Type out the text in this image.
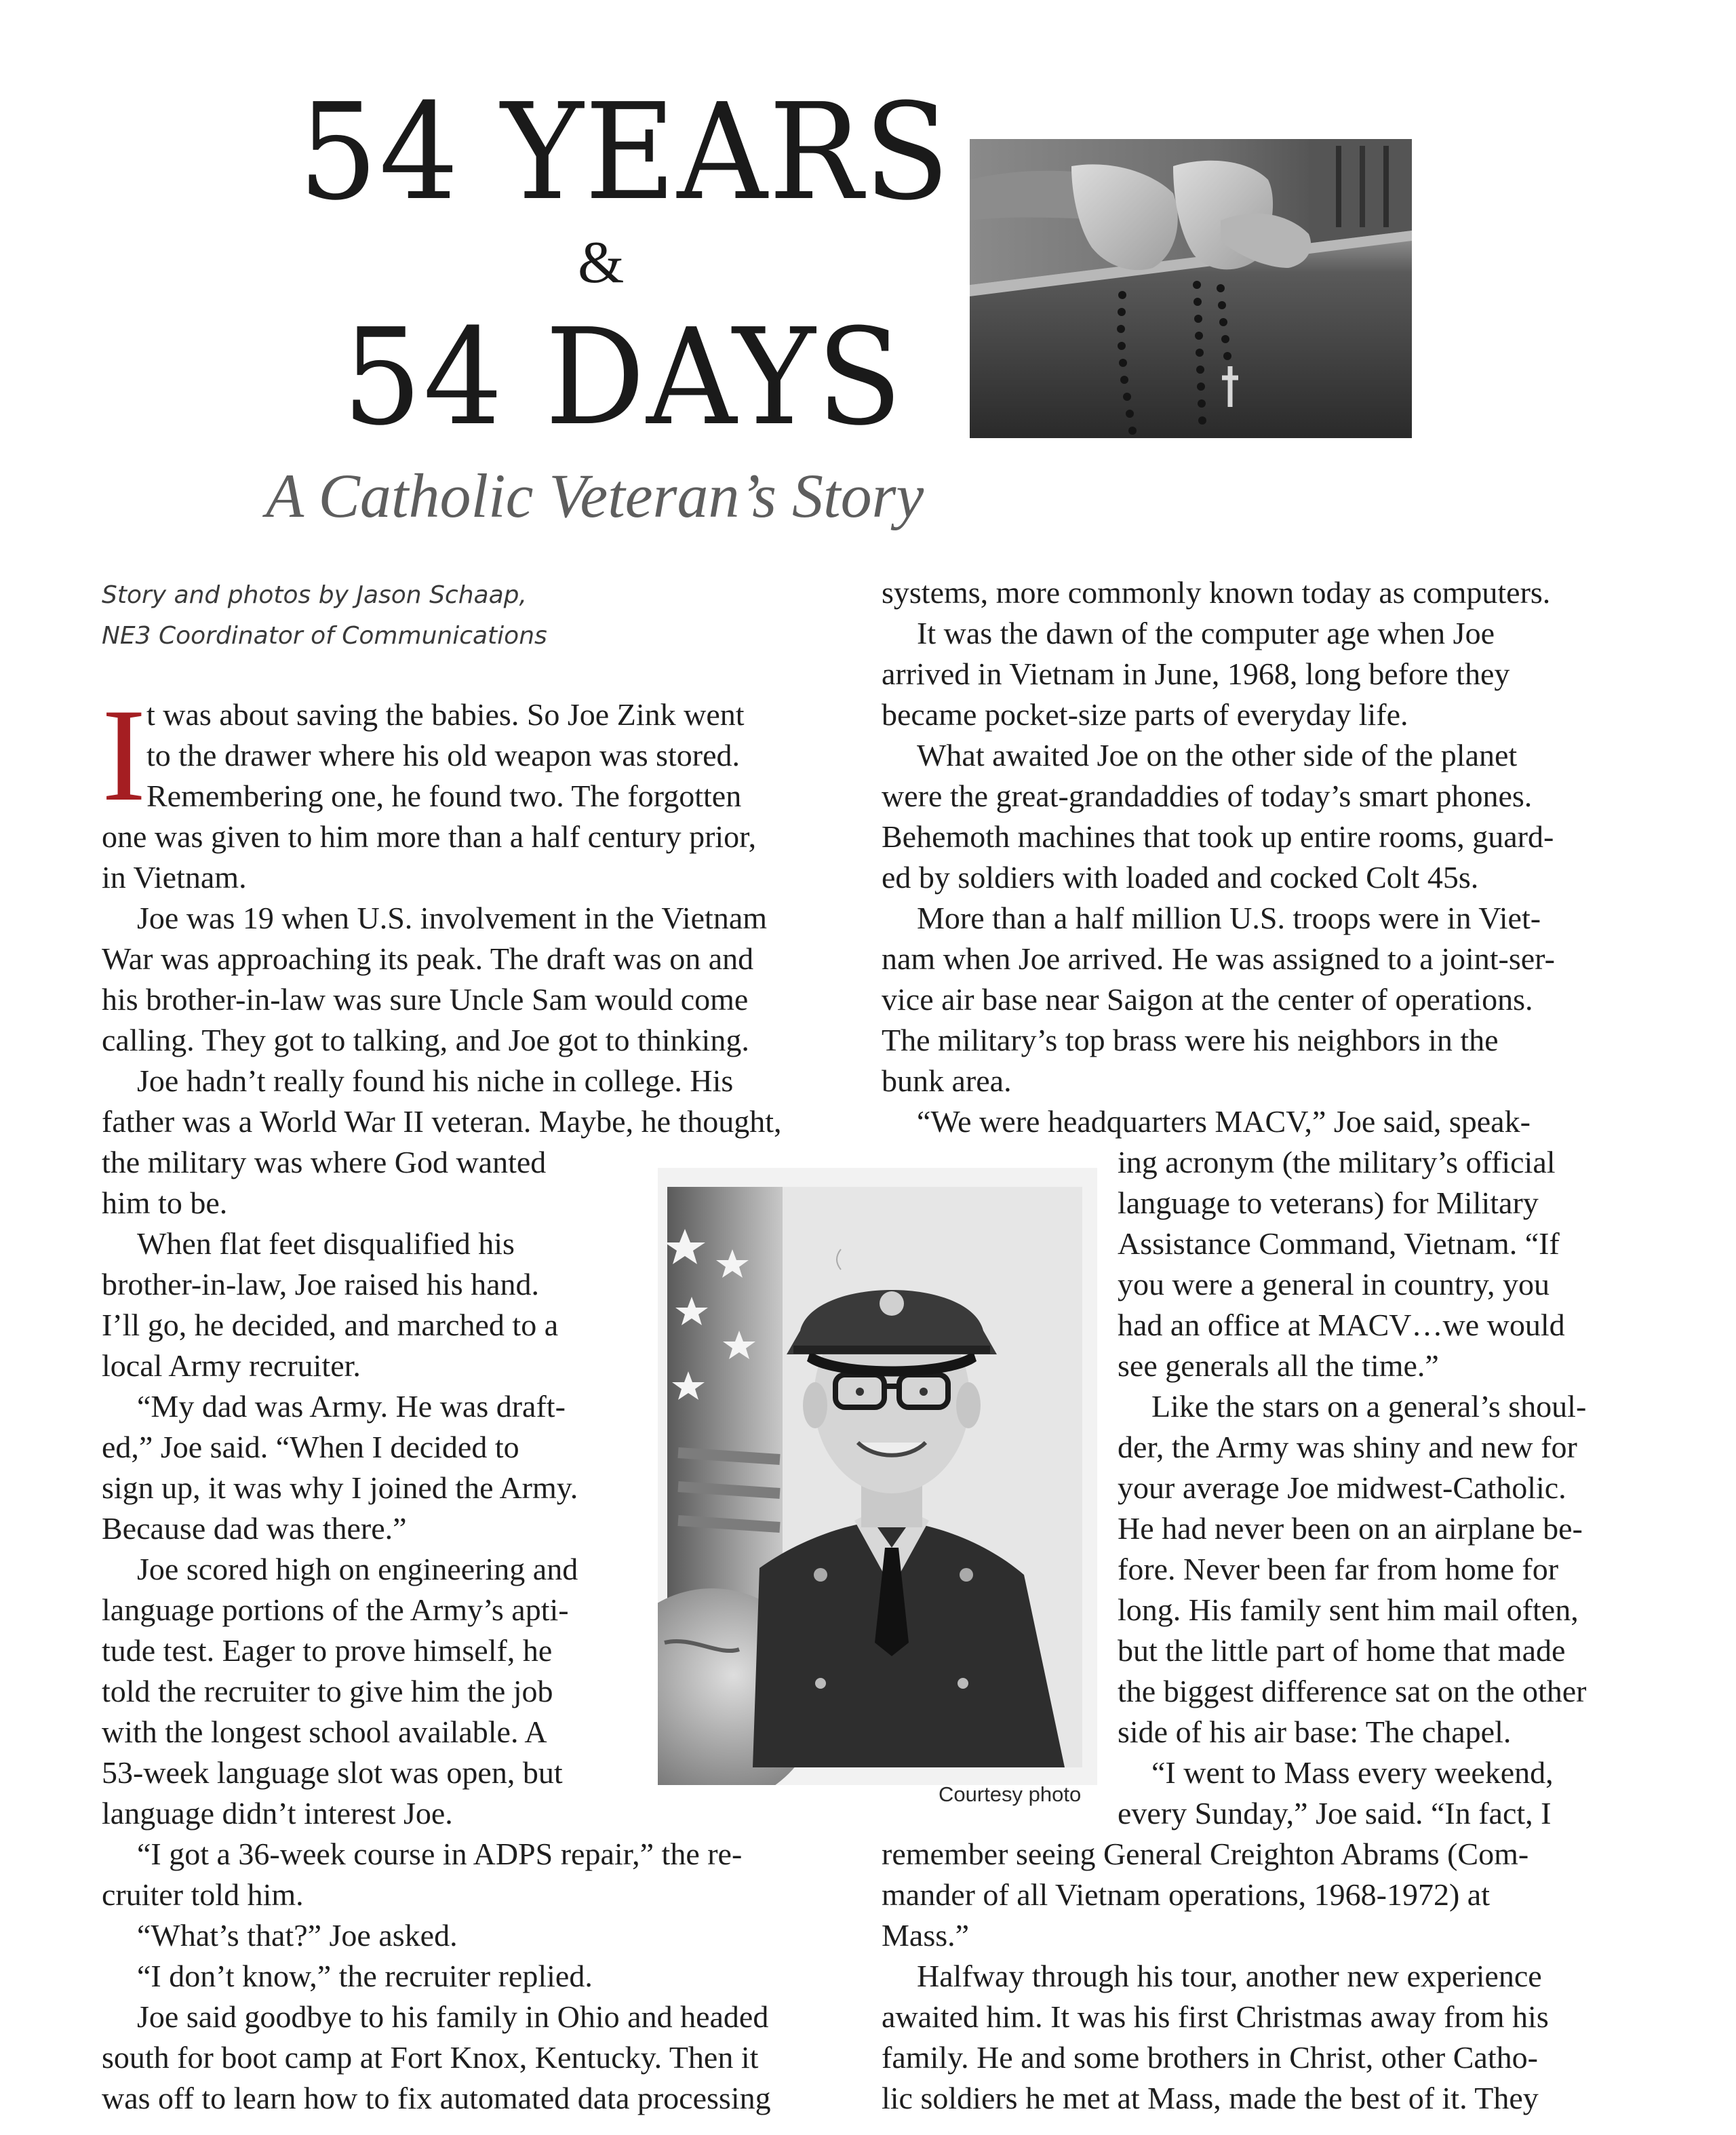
54 YEARS
&
54 DAYS
A Catholic Veteran’s Story
Story and photos by Jason Schaap,
NE3 Coordinator of Communications
I t was about saving the babies. So Joe Zink went
to the drawer where his old weapon was stored.
Remembering one, he found two. The forgotten
one was given to him more than a half century prior,
in Vietnam.
Joe was 19 when U.S. involvement in the Vietnam
War was approaching its peak. The draft was on and
his brother-in-law was sure Uncle Sam would come
calling. They got to talking, and Joe got to thinking.
Joe hadn’t really found his niche in college. His
father was a World War II veteran. Maybe, he thought,
the military was where God wanted
him to be.
When flat feet disqualified his
brother-in-law, Joe raised his hand.
I’ll go, he decided, and marched to a
local Army recruiter.
“My dad was Army. He was draft-
ed,” Joe said. “When I decided to
sign up, it was why I joined the Army.
Because dad was there.”
Joe scored high on engineering and
language portions of the Army’s apti-
tude test. Eager to prove himself, he
told the recruiter to give him the job
with the longest school available. A
53-week language slot was open, but
language didn’t interest Joe.
“I got a 36-week course in ADPS repair,” the re-
cruiter told him.
“What’s that?” Joe asked.
“I don’t know,” the recruiter replied.
Joe said goodbye to his family in Ohio and headed
south for boot camp at Fort Knox, Kentucky. Then it
was off to learn how to fix automated data processing
systems, more commonly known today as computers.
It was the dawn of the computer age when Joe
arrived in Vietnam in June, 1968, long before they
became pocket-size parts of everyday life.
What awaited Joe on the other side of the planet
were the great-grandaddies of today’s smart phones.
Behemoth machines that took up entire rooms, guard-
ed by soldiers with loaded and cocked Colt 45s.
More than a half million U.S. troops were in Viet-
nam when Joe arrived. He was assigned to a joint-ser-
vice air base near Saigon at the center of operations.
The military’s top brass were his neighbors in the
bunk area.
“We were headquarters MACV,” Joe said, speak-
ing acronym (the military’s official
language to veterans) for Military
Assistance Command, Vietnam. “If
you were a general in country, you
had an office at MACV…we would
see generals all the time.”
Like the stars on a general’s shoul-
der, the Army was shiny and new for
your average Joe midwest-Catholic.
He had never been on an airplane be-
fore. Never been far from home for
long. His family sent him mail often,
but the little part of home that made
the biggest difference sat on the other
side of his air base: The chapel.
“I went to Mass every weekend,
every Sunday,” Joe said. “In fact, I
remember seeing General Creighton Abrams (Com-
mander of all Vietnam operations, 1968-1972) at
Mass.”
Halfway through his tour, another new experience
awaited him. It was his first Christmas away from his
family. He and some brothers in Christ, other Catho-
lic soldiers he met at Mass, made the best of it. They
Courtesy photo
